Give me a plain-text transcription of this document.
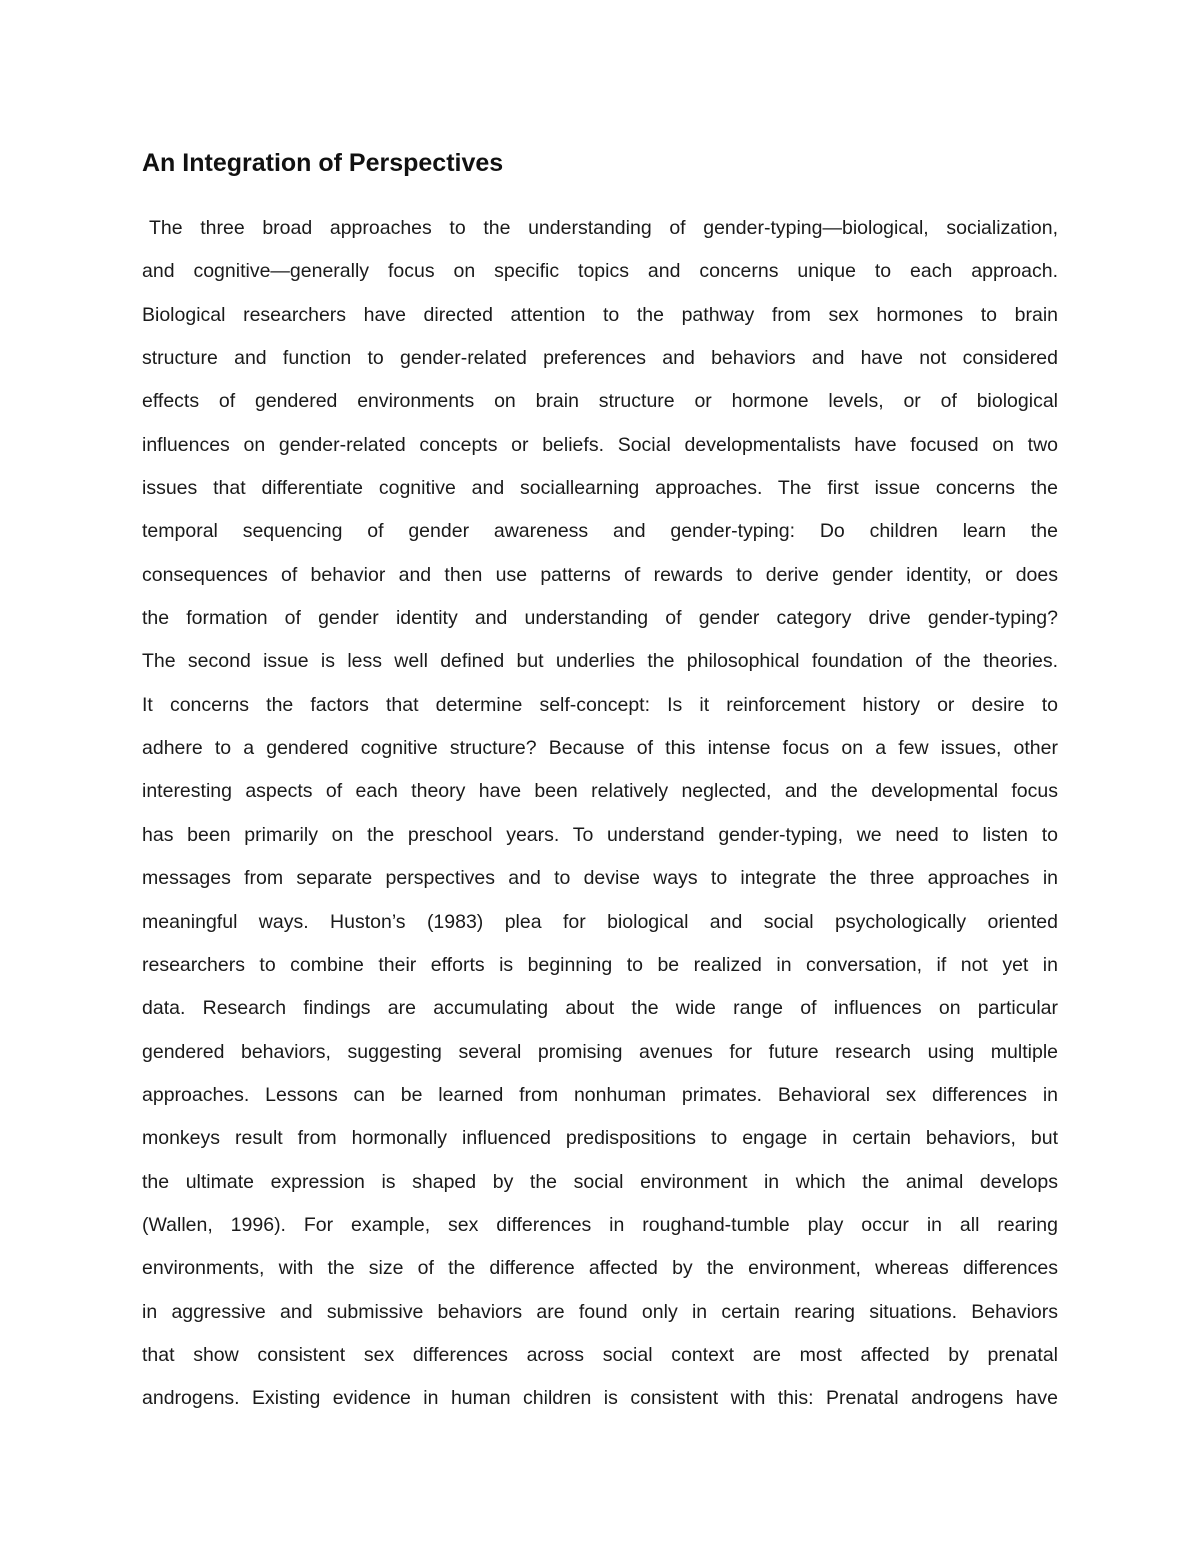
An Integration of Perspectives
The three broad approaches to the understanding of gender-typing—biological, socialization,
and cognitive—generally focus on specific topics and concerns unique to each approach.
Biological researchers have directed attention to the pathway from sex hormones to brain
structure and function to gender-related preferences and behaviors and have not considered
effects of gendered environments on brain structure or hormone levels, or of biological
influences on gender-related concepts or beliefs. Social developmentalists have focused on two
issues that differentiate cognitive and sociallearning approaches. The first issue concerns the
temporal sequencing of gender awareness and gender-typing: Do children learn the
consequences of behavior and then use patterns of rewards to derive gender identity, or does
the formation of gender identity and understanding of gender category drive gender-typing?
The second issue is less well defined but underlies the philosophical foundation of the theories.
It concerns the factors that determine self-concept: Is it reinforcement history or desire to
adhere to a gendered cognitive structure? Because of this intense focus on a few issues, other
interesting aspects of each theory have been relatively neglected, and the developmental focus
has been primarily on the preschool years. To understand gender-typing, we need to listen to
messages from separate perspectives and to devise ways to integrate the three approaches in
meaningful ways. Huston’s (1983) plea for biological and social psychologically oriented
researchers to combine their efforts is beginning to be realized in conversation, if not yet in
data. Research findings are accumulating about the wide range of influences on particular
gendered behaviors, suggesting several promising avenues for future research using multiple
approaches. Lessons can be learned from nonhuman primates. Behavioral sex differences in
monkeys result from hormonally influenced predispositions to engage in certain behaviors, but
the ultimate expression is shaped by the social environment in which the animal develops
(Wallen, 1996). For example, sex differences in roughand-tumble play occur in all rearing
environments, with the size of the difference affected by the environment, whereas differences
in aggressive and submissive behaviors are found only in certain rearing situations. Behaviors
that show consistent sex differences across social context are most affected by prenatal
androgens. Existing evidence in human children is consistent with this: Prenatal androgens have
